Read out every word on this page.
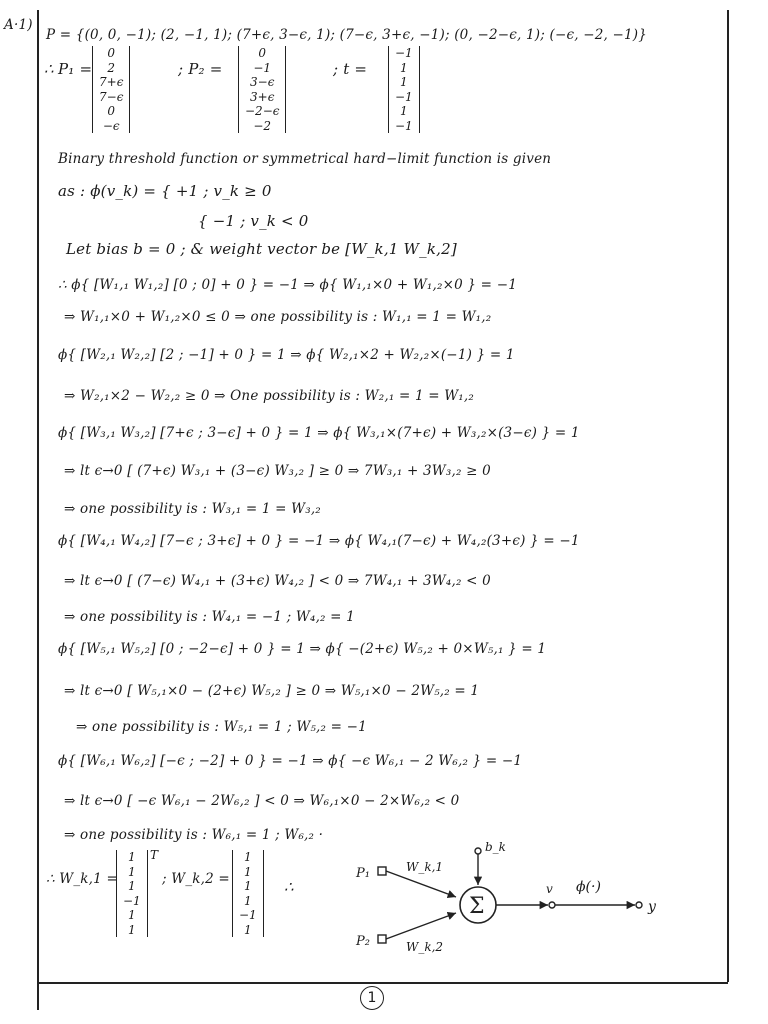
A·1)
P = {(0, 0, −1); (2, −1, 1); (7+ϵ, 3−ϵ, 1); (7−ϵ, 3+ϵ, −1); (0, −2−ϵ, 1); (−ϵ, −2, −1)}
∴ P₁ =
0
2
7+ϵ
7−ϵ
0
−ϵ
; P₂ =
0
−1
3−ϵ
3+ϵ
−2−ϵ
−2
; t =
−1
1
1
−1
1
−1
Binary threshold function or symmetrical hard−limit function is given
as : ϕ(v_k) = { +1 ; v_k ≥ 0
{ −1 ; v_k < 0
Let bias b = 0 ; & weight vector be [W_k,1 W_k,2]
∴ ϕ{ [W₁,₁ W₁,₂] [0 ; 0] + 0 } = −1 ⇒ ϕ{ W₁,₁×0 + W₁,₂×0 } = −1
⇒ W₁,₁×0 + W₁,₂×0 ≤ 0 ⇒ one possibility is : W₁,₁ = 1 = W₁,₂
ϕ{ [W₂,₁ W₂,₂] [2 ; −1] + 0 } = 1 ⇒ ϕ{ W₂,₁×2 + W₂,₂×(−1) } = 1
⇒ W₂,₁×2 − W₂,₂ ≥ 0 ⇒ One possibility is : W₂,₁ = 1 = W₁,₂
ϕ{ [W₃,₁ W₃,₂] [7+ϵ ; 3−ϵ] + 0 } = 1 ⇒ ϕ{ W₃,₁×(7+ϵ) + W₃,₂×(3−ϵ) } = 1
⇒ lt ϵ→0 [ (7+ϵ) W₃,₁ + (3−ϵ) W₃,₂ ] ≥ 0 ⇒ 7W₃,₁ + 3W₃,₂ ≥ 0
⇒ one possibility is : W₃,₁ = 1 = W₃,₂
ϕ{ [W₄,₁ W₄,₂] [7−ϵ ; 3+ϵ] + 0 } = −1 ⇒ ϕ{ W₄,₁(7−ϵ) + W₄,₂(3+ϵ) } = −1
⇒ lt ϵ→0 [ (7−ϵ) W₄,₁ + (3+ϵ) W₄,₂ ] < 0 ⇒ 7W₄,₁ + 3W₄,₂ < 0
⇒ one possibility is : W₄,₁ = −1 ; W₄,₂ = 1
ϕ{ [W₅,₁ W₅,₂] [0 ; −2−ϵ] + 0 } = 1 ⇒ ϕ{ −(2+ϵ) W₅,₂ + 0×W₅,₁ } = 1
⇒ lt ϵ→0 [ W₅,₁×0 − (2+ϵ) W₅,₂ ] ≥ 0 ⇒ W₅,₁×0 − 2W₅,₂ = 1
⇒ one possibility is : W₅,₁ = 1 ; W₅,₂ = −1
ϕ{ [W₆,₁ W₆,₂] [−ϵ ; −2] + 0 } = −1 ⇒ ϕ{ −ϵ W₆,₁ − 2 W₆,₂ } = −1
⇒ lt ϵ→0 [ −ϵ W₆,₁ − 2W₆,₂ ] < 0 ⇒ W₆,₁×0 − 2×W₆,₂ < 0
⇒ one possibility is : W₆,₁ = 1 ; W₆,₂ ·
∴ W_k,1 =
1
1
1
−1
1
1
T
; W_k,2 =
1
1
1
1
−1
1
∴
Σ
P₁
P₂
W_k,1
W_k,2
b_k
v ϕ(·)
y
1
